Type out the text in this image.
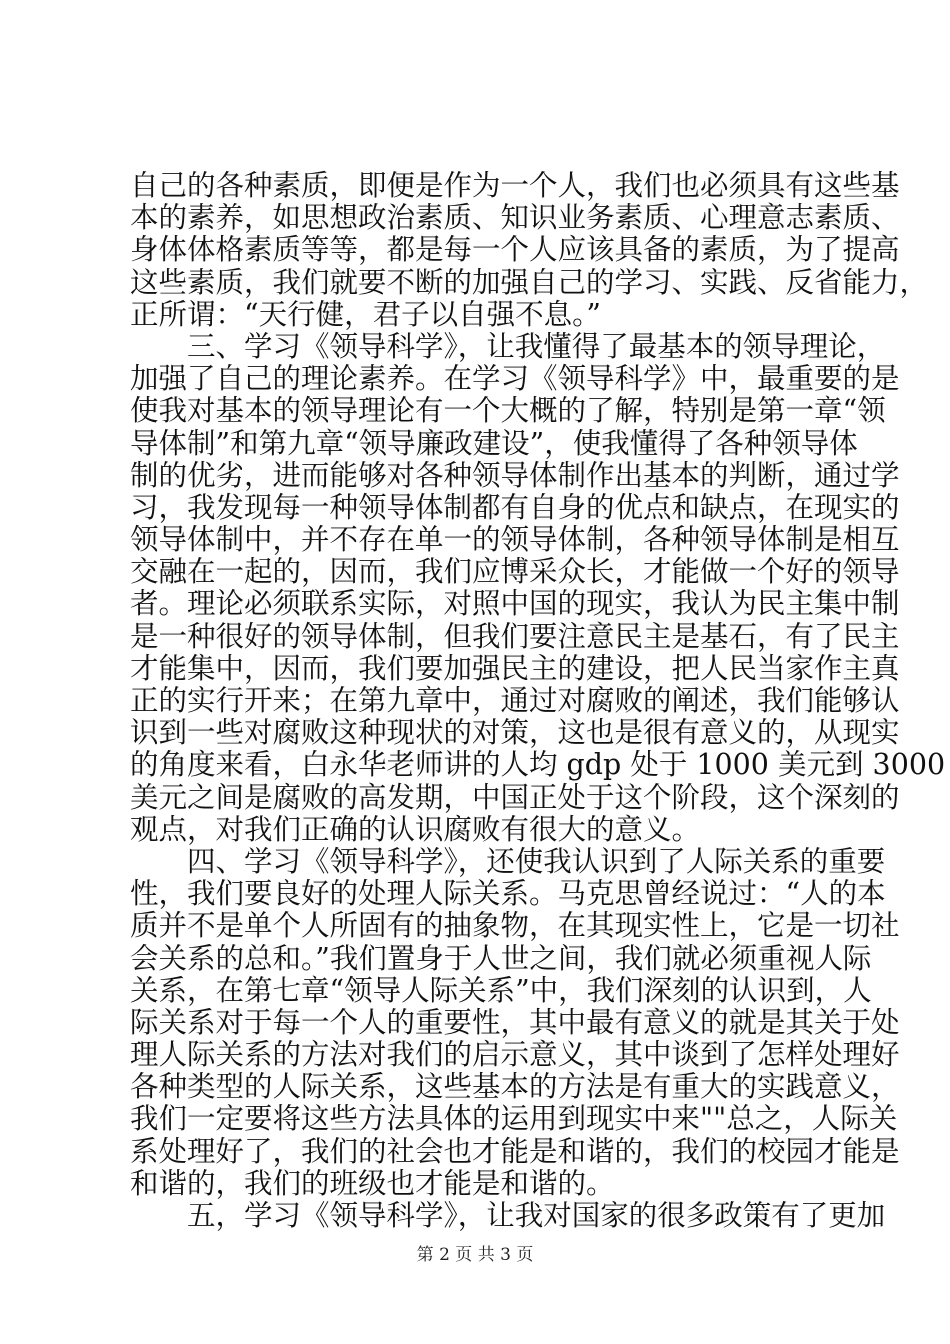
自己的各种素质，即便是作为一个人，我们也必须具有这些基
本的素养，如思想政治素质、知识业务素质、心理意志素质、
身体体格素质等等，都是每一个人应该具备的素质，为了提高
这些素质，我们就要不断的加强自己的学习、实践、反省能力，
正所谓：“天行健，君子以自强不息。”
　　三、学习《领导科学》，让我懂得了最基本的领导理论，
加强了自己的理论素养。在学习《领导科学》中，最重要的是
使我对基本的领导理论有一个大概的了解，特别是第一章“领
导体制”和第九章“领导廉政建设”，使我懂得了各种领导体
制的优劣，进而能够对各种领导体制作出基本的判断，通过学
习，我发现每一种领导体制都有自身的优点和缺点，在现实的
领导体制中，并不存在单一的领导体制，各种领导体制是相互
交融在一起的，因而，我们应博采众长，才能做一个好的领导
者。理论必须联系实际，对照中国的现实，我认为民主集中制
是一种很好的领导体制，但我们要注意民主是基石，有了民主
才能集中，因而，我们要加强民主的建设，把人民当家作主真
正的实行开来；在第九章中，通过对腐败的阐述，我们能够认
识到一些对腐败这种现状的对策，这也是很有意义的，从现实
的角度来看，白永华老师讲的人均 gdp 处于 1000 美元到 3000
美元之间是腐败的高发期，中国正处于这个阶段，这个深刻的
观点，对我们正确的认识腐败有很大的意义。
　　四、学习《领导科学》，还使我认识到了人际关系的重要
性，我们要良好的处理人际关系。马克思曾经说过：“人的本
质并不是单个人所固有的抽象物，在其现实性上，它是一切社
会关系的总和。”我们置身于人世之间，我们就必须重视人际
关系，在第七章“领导人际关系”中，我们深刻的认识到，人
际关系对于每一个人的重要性，其中最有意义的就是其关于处
理人际关系的方法对我们的启示意义，其中谈到了怎样处理好
各种类型的人际关系，这些基本的方法是有重大的实践意义，
我们一定要将这些方法具体的运用到现实中来""总之，人际关
系处理好了，我们的社会也才能是和谐的，我们的校园才能是
和谐的，我们的班级也才能是和谐的。
　　五，学习《领导科学》，让我对国家的很多政策有了更加
第 2 页 共 3 页
